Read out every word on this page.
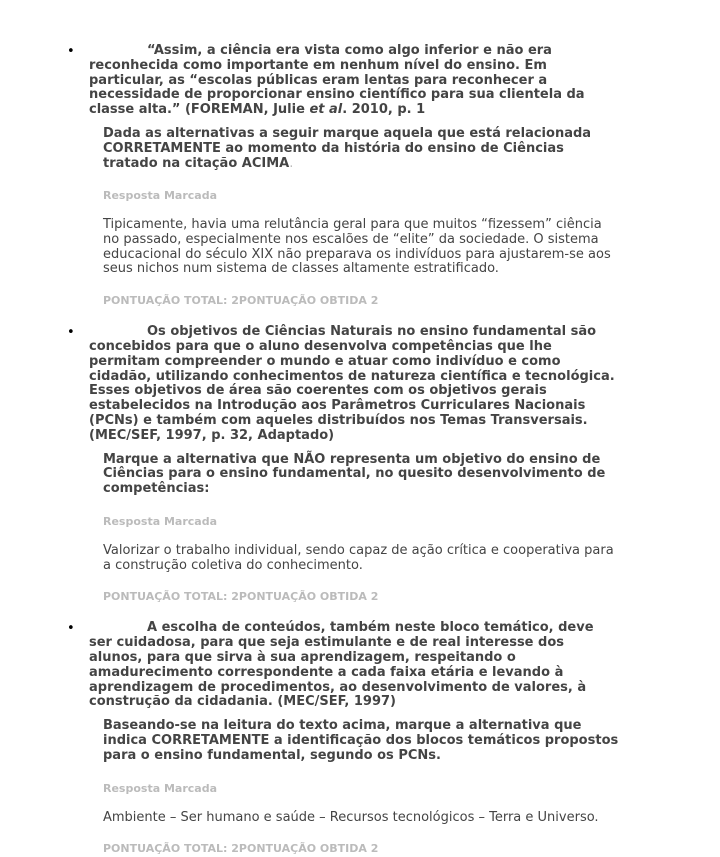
•	“Assim, a ciência era vista como algo inferior e não era reconhecida como importante em nenhum nível do ensino. Em particular, as “escolas públicas eram lentas para reconhecer a necessidade de proporcionar ensino científico para sua clientela da classe alta.” (FOREMAN, Julie et al. 2010, p. 1

Dada as alternativas a seguir marque aquela que está relacionada CORRETAMENTE ao momento da história do ensino de Ciências tratado na citação ACIMA.
Resposta Marcada
Tipicamente, havia uma relutância geral para que muitos “fizessem” ciência no passado, especialmente nos escalões de “elite” da sociedade. O sistema educacional do século XIX não preparava os indivíduos para ajustarem-se aos seus nichos num sistema de classes altamente estratificado.
PONTUAÇÃO TOTAL: 2PONTUAÇÃO OBTIDA 2
•	Os objetivos de Ciências Naturais no ensino fundamental são concebidos para que o aluno desenvolva competências que lhe permitam compreender o mundo e atuar como indivíduo e como cidadão, utilizando conhecimentos de natureza científica e tecnológica. Esses objetivos de área são coerentes com os objetivos gerais estabelecidos na Introdução aos Parâmetros Curriculares Nacionais (PCNs) e também com aqueles distribuídos nos Temas Transversais. (MEC/SEF, 1997, p. 32, Adaptado)

Marque a alternativa que NÃO representa um objetivo do ensino de Ciências para o ensino fundamental, no quesito desenvolvimento de competências:
Resposta Marcada
Valorizar o trabalho individual, sendo capaz de ação crítica e cooperativa para a construção coletiva do conhecimento.
PONTUAÇÃO TOTAL: 2PONTUAÇÃO OBTIDA 2
•	A escolha de conteúdos, também neste bloco temático, deve ser cuidadosa, para que seja estimulante e de real interesse dos alunos, para que sirva à sua aprendizagem, respeitando o amadurecimento correspondente a cada faixa etária e levando à aprendizagem de procedimentos, ao desenvolvimento de valores, à construção da cidadania. (MEC/SEF, 1997)

Baseando-se na leitura do texto acima, marque a alternativa que indica CORRETAMENTE a identificação dos blocos temáticos propostos para o ensino fundamental, segundo os PCNs.
Resposta Marcada
Ambiente – Ser humano e saúde – Recursos tecnológicos – Terra e Universo.
PONTUAÇÃO TOTAL: 2PONTUAÇÃO OBTIDA 2
